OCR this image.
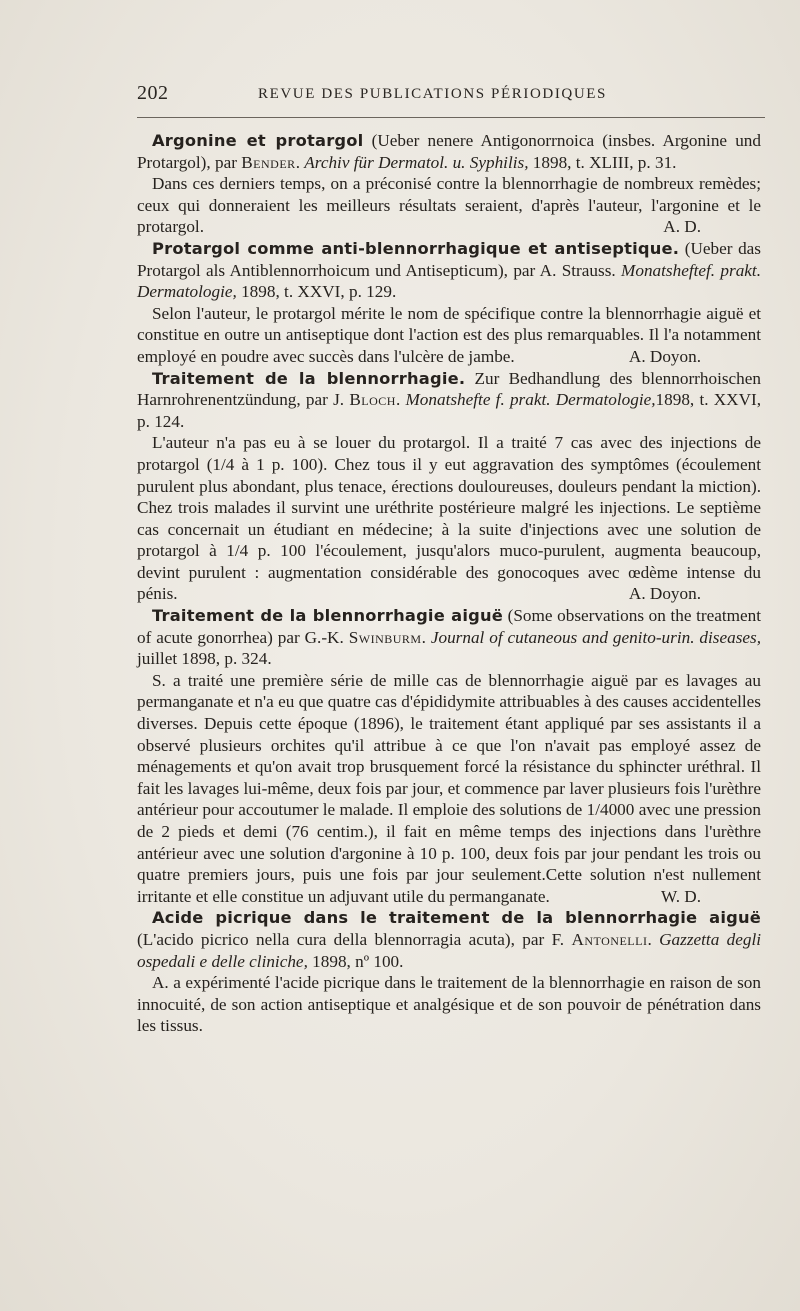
202	REVUE DES PUBLICATIONS PÉRIODIQUES

Argonine et protargol (Ueber nenere Antigonorrnoica (insbes. Argonine und Protargol), par Bender. Archiv für Dermatol. u. Syphilis, 1898, t. XLIII, p. 31.

Dans ces derniers temps, on a préconisé contre la blennorrhagie de nombreux remèdes; ceux qui donneraient les meilleurs résultats seraient, d'après l'auteur, l'argonine et le protargol.	A. D.

Protargol comme anti-blennorrhagique et antiseptique. (Ueber das Protargol als Antiblennorrhoicum und Antisepticum), par A. Strauss. Monatsheftef. prakt. Dermatologie, 1898, t. XXVI, p. 129.

Selon l'auteur, le protargol mérite le nom de spécifique contre la blennorrhagie aiguë et constitue en outre un antiseptique dont l'action est des plus remarquables. Il l'a notamment employé en poudre avec succès dans l'ulcère de jambe.	A. Doyon.

Traitement de la blennorrhagie. Zur Bedhandlung des blennorrhoischen Harnrohrenentzündung, par J. Bloch. Monatshefte f. prakt. Dermatologie,1898, t. XXVI, p. 124.

L'auteur n'a pas eu à se louer du protargol. Il a traité 7 cas avec des injections de protargol (1/4 à 1 p. 100). Chez tous il y eut aggravation des symptômes (écoulement purulent plus abondant, plus tenace, érections douloureuses, douleurs pendant la miction). Chez trois malades il survint une uréthrite postérieure malgré les injections. Le septième cas concernait un étudiant en médecine; à la suite d'injections avec une solution de protargol à 1/4 p. 100 l'écoulement, jusqu'alors muco-purulent, augmenta beaucoup, devint purulent : augmentation considérable des gonocoques avec œdème intense du pénis.	A. Doyon.

Traitement de la blennorrhagie aiguë (Some observations on the treatment of acute gonorrhea) par G.-K. Swinburm. Journal of cutaneous and genito-urin. diseases, juillet 1898, p. 324.

S. a traité une première série de mille cas de blennorrhagie aiguë par es lavages au permanganate et n'a eu que quatre cas d'épididymite attribuables à des causes accidentelles diverses. Depuis cette époque (1896), le traitement étant appliqué par ses assistants il a observé plusieurs orchites qu'il attribue à ce que l'on n'avait pas employé assez de ménagements et qu'on avait trop brusquement forcé la résistance du sphincter uréthral. Il fait les lavages lui-même, deux fois par jour, et commence par laver plusieurs fois l'urèthre antérieur pour accoutumer le malade. Il emploie des solutions de 1/4000 avec une pression de 2 pieds et demi (76 centim.), il fait en même temps des injections dans l'urèthre antérieur avec une solution d'argonine à 10 p. 100, deux fois par jour pendant les trois ou quatre premiers jours, puis une fois par jour seulement.Cette solution n'est nullement irritante et elle constitue un adjuvant utile du permanganate.	W. D.

Acide picrique dans le traitement de la blennorrhagie aiguë (L'acido picrico nella cura della blennorragia acuta), par F. Antonelli. Gazzetta degli ospedali e delle cliniche, 1898, nº 100.

A. a expérimenté l'acide picrique dans le traitement de la blennorrhagie en raison de son innocuité, de son action antiseptique et analgésique et de son pouvoir de pénétration dans les tissus.
